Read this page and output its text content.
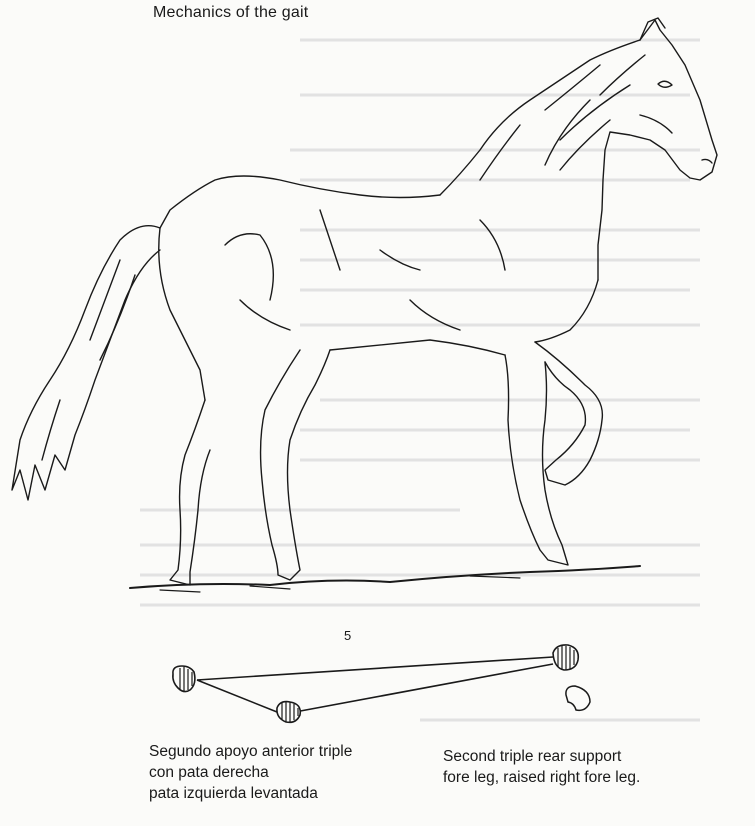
Mechanics of the gait
5
Segundo apoyo anterior triple
con pata derecha
pata izquierda levantada
Second triple rear support
fore leg, raised right fore leg.
